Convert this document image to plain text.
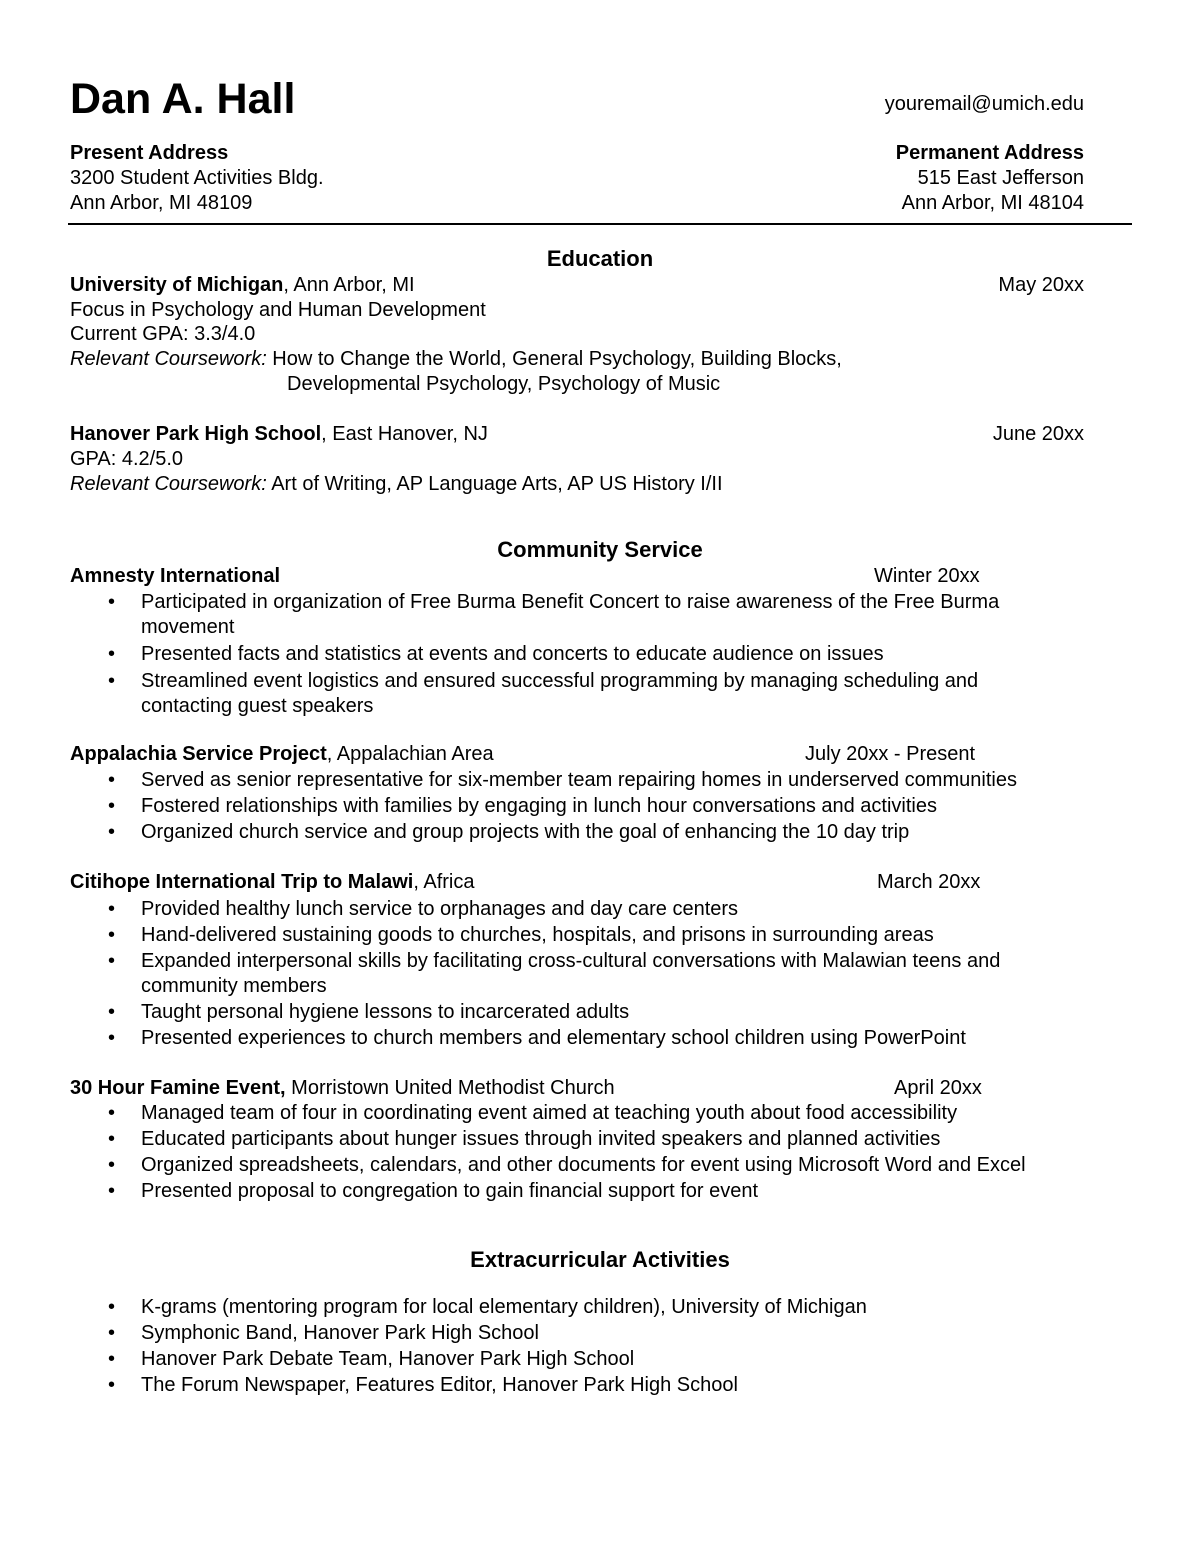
Dan A. Hall	youremail@umich.edu
Present Address
3200 Student Activities Bldg.
Ann Arbor, MI 48109
Permanent Address
515 East Jefferson
Ann Arbor, MI 48104
Education
University of Michigan, Ann Arbor, MI	May 20xx
Focus in Psychology and Human Development
Current GPA: 3.3/4.0
Relevant Coursework: How to Change the World, General Psychology, Building Blocks,
Developmental Psychology, Psychology of Music
Hanover Park High School, East Hanover, NJ	June 20xx
GPA: 4.2/5.0
Relevant Coursework: Art of Writing, AP Language Arts, AP US History I/II
Community Service
Amnesty International	Winter 20xx
• Participated in organization of Free Burma Benefit Concert to raise awareness of the Free Burma
movement
• Presented facts and statistics at events and concerts to educate audience on issues
• Streamlined event logistics and ensured successful programming by managing scheduling and
contacting guest speakers
Appalachia Service Project, Appalachian Area	July 20xx - Present
• Served as senior representative for six-member team repairing homes in underserved communities
• Fostered relationships with families by engaging in lunch hour conversations and activities
• Organized church service and group projects with the goal of enhancing the 10 day trip
Citihope International Trip to Malawi, Africa	March 20xx
• Provided healthy lunch service to orphanages and day care centers
• Hand-delivered sustaining goods to churches, hospitals, and prisons in surrounding areas
• Expanded interpersonal skills by facilitating cross-cultural conversations with Malawian teens and
community members
• Taught personal hygiene lessons to incarcerated adults
• Presented experiences to church members and elementary school children using PowerPoint
30 Hour Famine Event, Morristown United Methodist Church	April 20xx
• Managed team of four in coordinating event aimed at teaching youth about food accessibility
• Educated participants about hunger issues through invited speakers and planned activities
• Organized spreadsheets, calendars, and other documents for event using Microsoft Word and Excel
• Presented proposal to congregation to gain financial support for event
Extracurricular Activities
• K-grams (mentoring program for local elementary children), University of Michigan
• Symphonic Band, Hanover Park High School
• Hanover Park Debate Team, Hanover Park High School
• The Forum Newspaper, Features Editor, Hanover Park High School
